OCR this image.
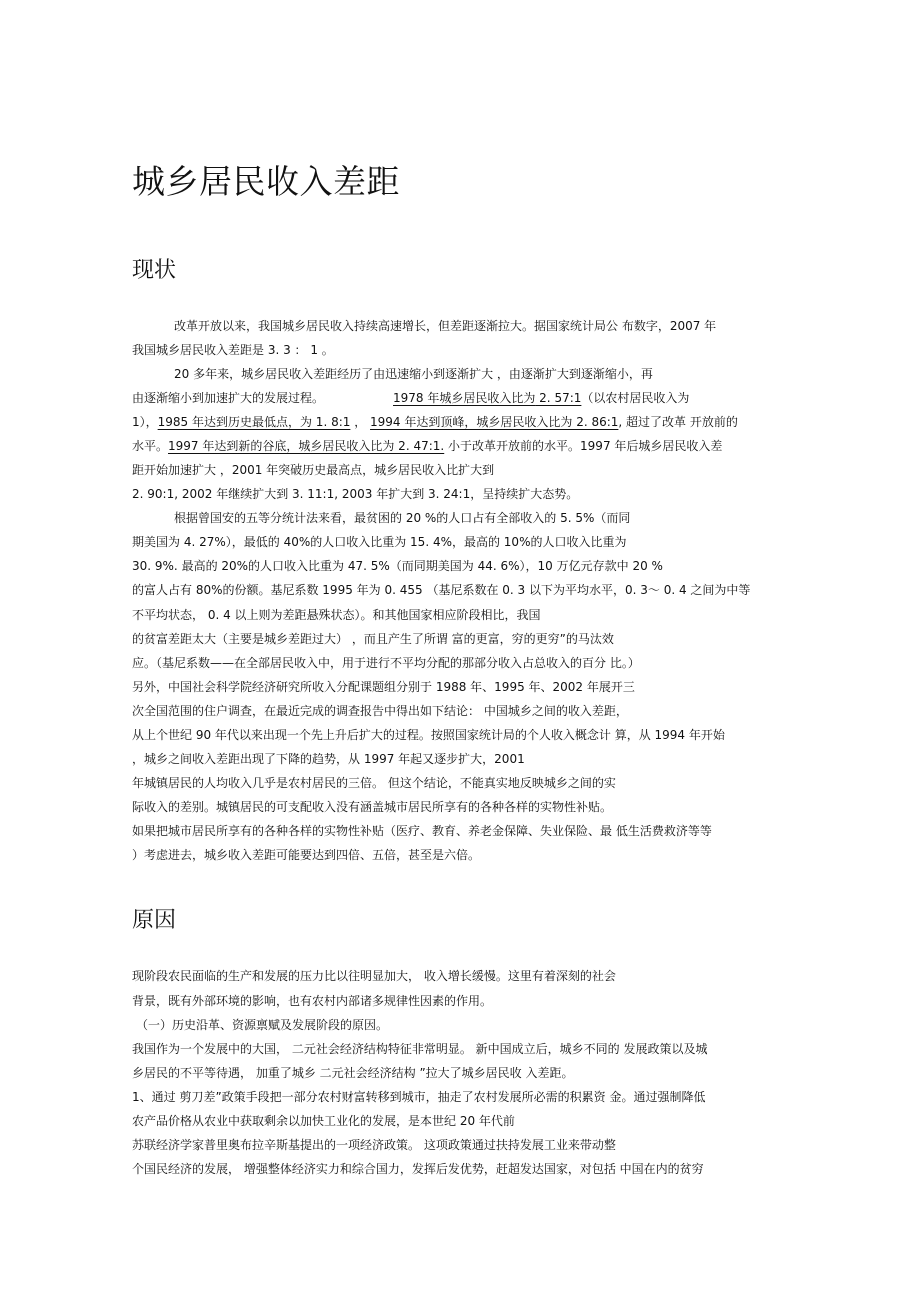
城乡居民收入差距
现状
改革开放以来，我国城乡居民收入持续高速增长，但差距逐渐拉大。据国家统计局公 布数字，2007 年
我国城乡居民收入差距是 3. 3 ： 1 。
20 多年来，城乡居民收入差距经历了由迅速缩小到逐渐扩大 ，由逐渐扩大到逐渐缩小，再
由逐渐缩小到加速扩大的发展过程。	1978 年城乡居民收入比为 2. 57:1（以农村居民收入为
1），1985 年达到历史最低点，为 1. 8:1 ， 1994 年达到顶峰，城乡居民收入比为 2. 86:1, 超过了改革 开放前的
水平。1997 年达到新的谷底，城乡居民收入比为 2. 47:1. 小于改革开放前的水平。1997 年后城乡居民收入差
距开始加速扩大 ，2001 年突破历史最高点，城乡居民收入比扩大到
2. 90:1, 2002 年继续扩大到 3. 11:1, 2003 年扩大到 3. 24:1，呈持续扩大态势。
根据曾国安的五等分统计法来看，最贫困的 20 %的人口占有全部收入的 5. 5%（而同
期美国为 4. 27%），最低的 40%的人口收入比重为 15. 4%，最高的 10%的人口收入比重为
30. 9%. 最高的 20%的人口收入比重为 47. 5%（而同期美国为 44. 6%），10 万亿元存款中 20 %
的富人占有 80%的份额。基尼系数 1995 年为 0. 455 （基尼系数在 0. 3 以下为平均水平，0. 3～ 0. 4 之间为中等
不平均状态， 0. 4 以上则为差距悬殊状态）。和其他国家相应阶段相比，我国
的贫富差距太大（主要是城乡差距过大） ，而且产生了所谓 富的更富，穷的更穷”的马汰效
应。（基尼系数——在全部居民收入中，用于进行不平均分配的那部分收入占总收入的百分 比。）
另外，中国社会科学院经济研究所收入分配课题组分别于 1988 年、1995 年、2002 年展开三
次全国范围的住户调查，在最近完成的调查报告中得出如下结论： 中国城乡之间的收入差距，
从上个世纪 90 年代以来出现一个先上升后扩大的过程。按照国家统计局的个人收入概念计 算，从 1994 年开始
，城乡之间收入差距出现了下降的趋势，从 1997 年起又逐步扩大，2001
年城镇居民的人均收入几乎是农村居民的三倍。 但这个结论，不能真实地反映城乡之间的实
际收入的差别。城镇居民的可支配收入没有涵盖城市居民所享有的各种各样的实物性补贴。
如果把城市居民所享有的各种各样的实物性补贴（医疗、教育、养老金保障、失业保险、最 低生活费救济等等
）考虑进去，城乡收入差距可能要达到四倍、五倍，甚至是六倍。
原因
现阶段农民面临的生产和发展的压力比以往明显加大， 收入增长缓慢。这里有着深刻的社会
背景，既有外部环境的影响，也有农村内部诸多规律性因素的作用。
（一）历史沿革、资源禀赋及发展阶段的原因。
我国作为一个发展中的大国， 二元社会经济结构特征非常明显。 新中国成立后，城乡不同的 发展政策以及城
乡居民的不平等待遇， 加重了城乡 二元社会经济结构 ”拉大了城乡居民收 入差距。
1、通过 剪刀差”政策手段把一部分农村财富转移到城市，抽走了农村发展所必需的积累资 金。通过强制降低
农产品价格从农业中获取剩余以加快工业化的发展，是本世纪 20 年代前
苏联经济学家普里奥布拉辛斯基提出的一项经济政策。 这项政策通过扶持发展工业来带动整
个国民经济的发展， 增强整体经济实力和综合国力，发挥后发优势，赶超发达国家，对包括 中国在内的贫穷
